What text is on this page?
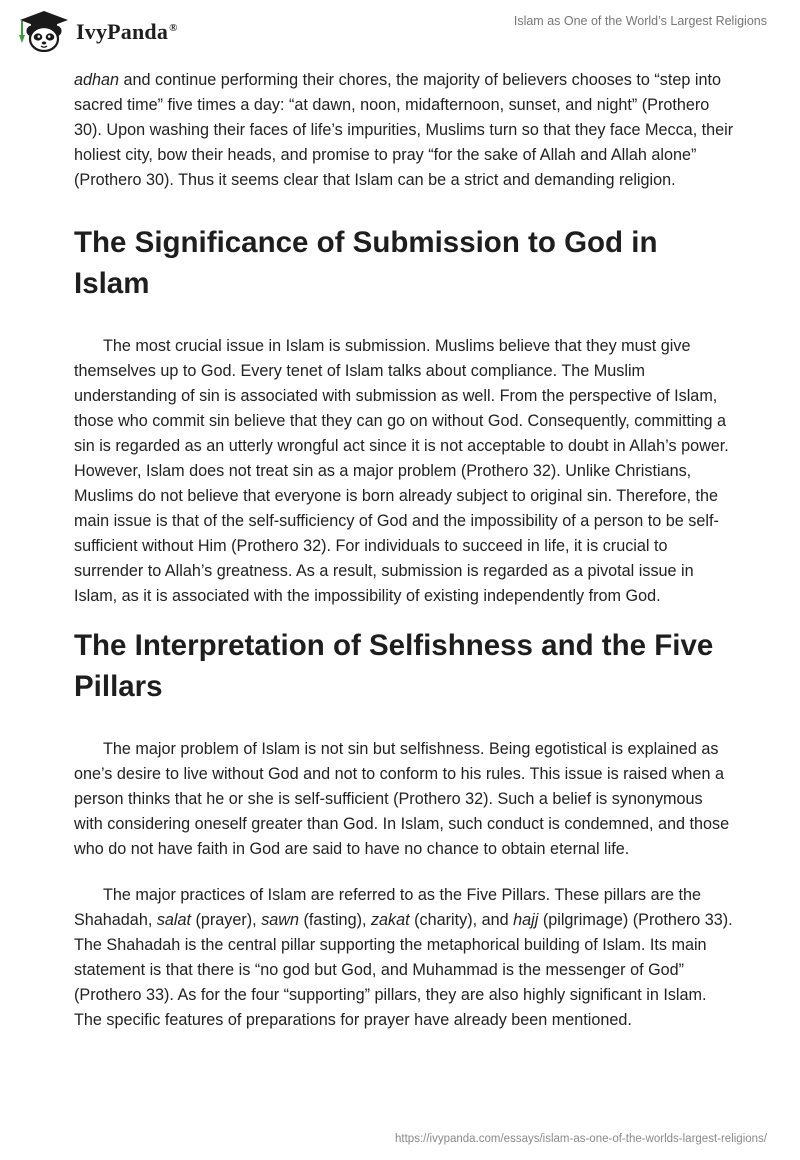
IvyPanda®	Islam as One of the World’s Largest Religions

adhan and continue performing their chores, the majority of believers chooses to “step into sacred time” five times a day: “at dawn, noon, midafternoon, sunset, and night” (Prothero 30). Upon washing their faces of life’s impurities, Muslims turn so that they face Mecca, their holiest city, bow their heads, and promise to pray “for the sake of Allah and Allah alone” (Prothero 30). Thus it seems clear that Islam can be a strict and demanding religion.

The Significance of Submission to God in Islam

The most crucial issue in Islam is submission. Muslims believe that they must give themselves up to God. Every tenet of Islam talks about compliance. The Muslim understanding of sin is associated with submission as well. From the perspective of Islam, those who commit sin believe that they can go on without God. Consequently, committing a sin is regarded as an utterly wrongful act since it is not acceptable to doubt in Allah’s power. However, Islam does not treat sin as a major problem (Prothero 32). Unlike Christians, Muslims do not believe that everyone is born already subject to original sin. Therefore, the main issue is that of the self-sufficiency of God and the impossibility of a person to be self-sufficient without Him (Prothero 32). For individuals to succeed in life, it is crucial to surrender to Allah’s greatness. As a result, submission is regarded as a pivotal issue in Islam, as it is associated with the impossibility of existing independently from God.

The Interpretation of Selfishness and the Five Pillars

The major problem of Islam is not sin but selfishness. Being egotistical is explained as one’s desire to live without God and not to conform to his rules. This issue is raised when a person thinks that he or she is self-sufficient (Prothero 32). Such a belief is synonymous with considering oneself greater than God. In Islam, such conduct is condemned, and those who do not have faith in God are said to have no chance to obtain eternal life.

The major practices of Islam are referred to as the Five Pillars. These pillars are the Shahadah, salat (prayer), sawn (fasting), zakat (charity), and hajj (pilgrimage) (Prothero 33). The Shahadah is the central pillar supporting the metaphorical building of Islam. Its main statement is that there is “no god but God, and Muhammad is the messenger of God” (Prothero 33). As for the four “supporting” pillars, they are also highly significant in Islam. The specific features of preparations for prayer have already been mentioned.

https://ivypanda.com/essays/islam-as-one-of-the-worlds-largest-religions/
